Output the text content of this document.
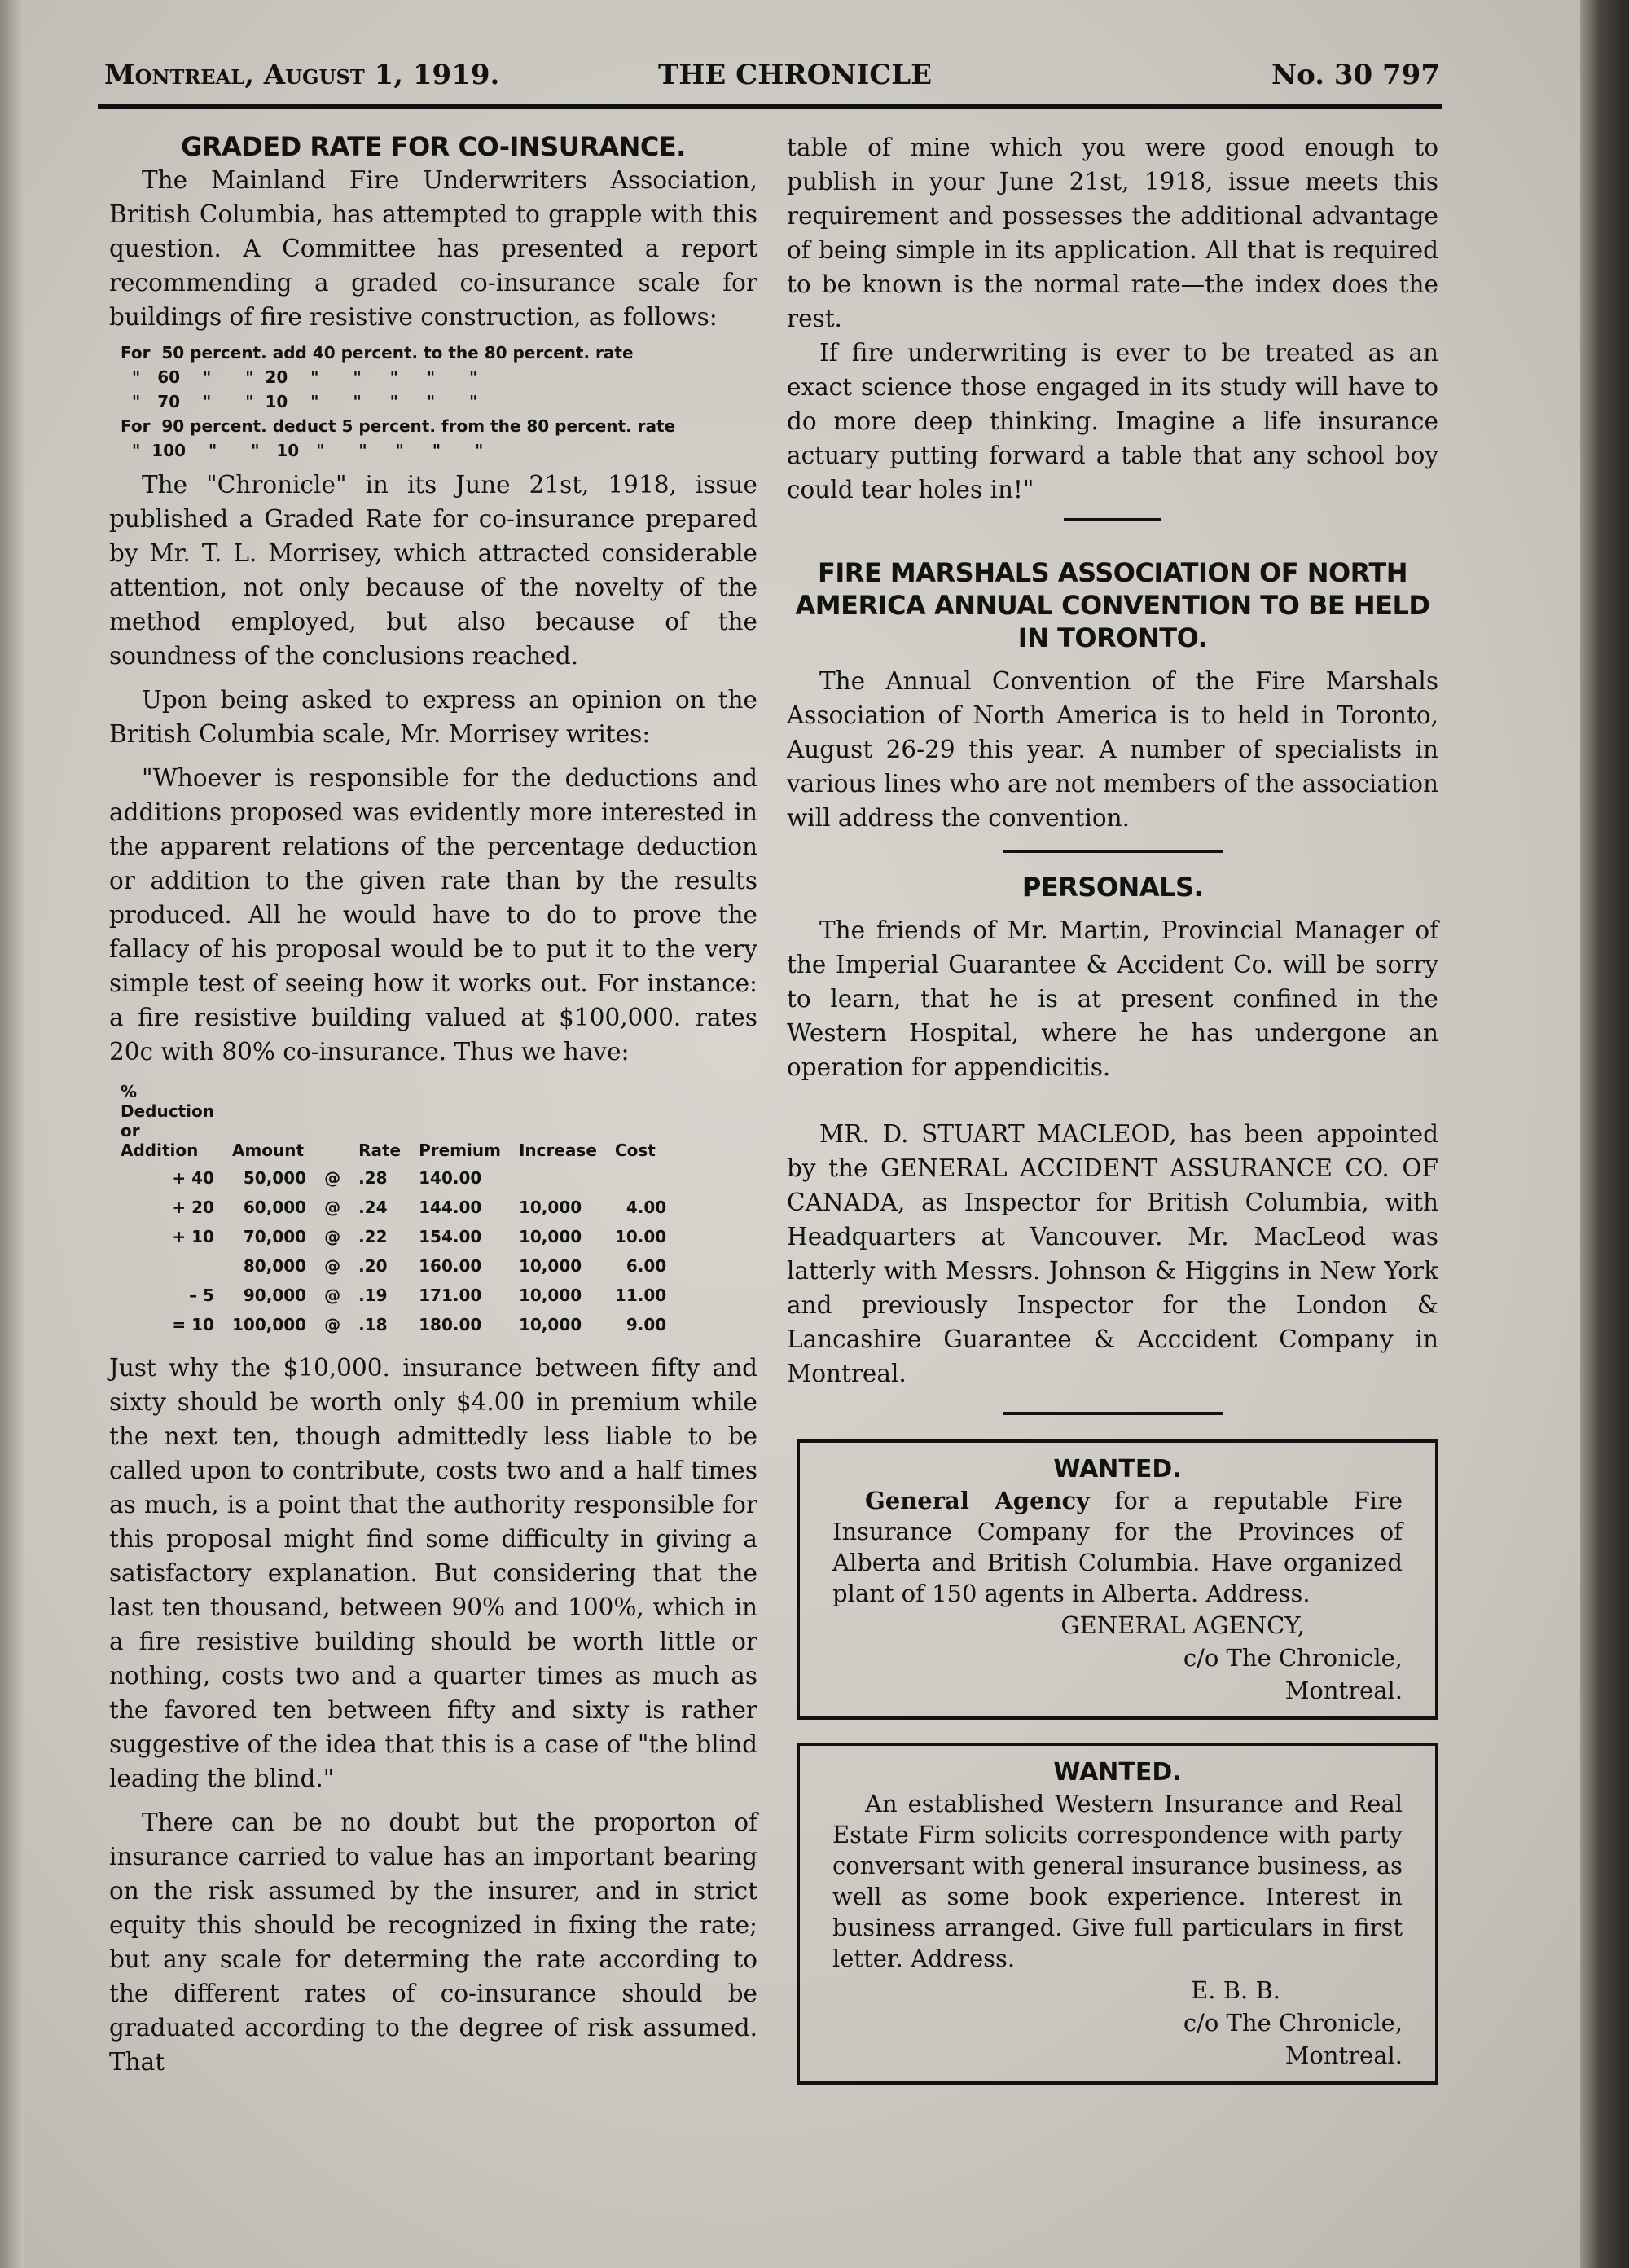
Montreal, August 1, 1919.	THE CHRONICLE	No. 30 797
GRADED RATE FOR CO-INSURANCE.

The Mainland Fire Underwriters Association, British Columbia, has attempted to grapple with this question. A Committee has presented a report recommending a graded co-insurance scale for buildings of fire resistive construction, as follows:

For  50 percent. add 40 percent. to the 80 percent. rate
"   60    "      "  20    "      "     "     "      "
"   70    "      "  10    "      "     "     "      "
For  90 percent. deduct 5 percent. from the 80 percent. rate
"  100    "      "   10   "      "     "     "      "

The "Chronicle" in its June 21st, 1918, issue published a Graded Rate for co-insurance prepared by Mr. T. L. Morrisey, which attracted considerable attention, not only because of the novelty of the method employed, but also because of the soundness of the conclusions reached.

Upon being asked to express an opinion on the British Columbia scale, Mr. Morrisey writes:

"Whoever is responsible for the deductions and additions proposed was evidently more interested in the apparent relations of the percentage deduction or addition to the given rate than by the results produced. All he would have to do to prove the fallacy of his proposal would be to put it to the very simple test of seeing how it works out. For instance: a fire resistive building valued at $100,000. rates 20c with 80% co-insurance. Thus we have:

%
Deduction
or
Addition	Amount		Rate	Premium	Increase	Cost
+ 40	50,000	@	.28	140.00		
+ 20	60,000	@	.24	144.00	10,000	4.00
+ 10	70,000	@	.22	154.00	10,000	10.00
	80,000	@	.20	160.00	10,000	6.00
– 5	90,000	@	.19	171.00	10,000	11.00
= 10	100,000	@	.18	180.00	10,000	9.00

Just why the $10,000. insurance between fifty and sixty should be worth only $4.00 in premium while the next ten, though admittedly less liable to be called upon to contribute, costs two and a half times as much, is a point that the authority responsible for this proposal might find some difficulty in giving a satisfactory explanation. But considering that the last ten thousand, between 90% and 100%, which in a fire resistive building should be worth little or nothing, costs two and a quarter times as much as the favored ten between fifty and sixty is rather suggestive of the idea that this is a case of "the blind leading the blind."

There can be no doubt but the proporton of insurance carried to value has an important bearing on the risk assumed by the insurer, and in strict equity this should be recognized in fixing the rate; but any scale for determing the rate according to the different rates of co-insurance should be graduated according to the degree of risk assumed. That

table of mine which you were good enough to publish in your June 21st, 1918, issue meets this requirement and possesses the additional advantage of being simple in its application. All that is required to be known is the normal rate—the index does the rest.

If fire underwriting is ever to be treated as an exact science those engaged in its study will have to do more deep thinking. Imagine a life insurance actuary putting forward a table that any school boy could tear holes in!"

FIRE MARSHALS ASSOCIATION OF NORTH AMERICA ANNUAL CONVENTION TO BE HELD IN TORONTO.

The Annual Convention of the Fire Marshals Association of North America is to held in Toronto, August 26-29 this year. A number of specialists in various lines who are not members of the association will address the convention.

PERSONALS.

The friends of Mr. Martin, Provincial Manager of the Imperial Guarantee & Accident Co. will be sorry to learn, that he is at present confined in the Western Hospital, where he has undergone an operation for appendicitis.

MR. D. STUART MACLEOD, has been appointed by the GENERAL ACCIDENT ASSURANCE CO. OF CANADA, as Inspector for British Columbia, with Headquarters at Vancouver. Mr. MacLeod was latterly with Messrs. Johnson & Higgins in New York and previously Inspector for the London & Lancashire Guarantee & Acccident Company in Montreal.

WANTED.

General Agency for a reputable Fire Insurance Company for the Provinces of Alberta and British Columbia. Have organized plant of 150 agents in Alberta. Address.

GENERAL AGENCY,
c/o The Chronicle,
Montreal.
WANTED.

An established Western Insurance and Real Estate Firm solicits correspondence with party conversant with general insurance business, as well as some book experience. Interest in business arranged. Give full particulars in first letter. Address.

E. B. B.
c/o The Chronicle,
Montreal.
